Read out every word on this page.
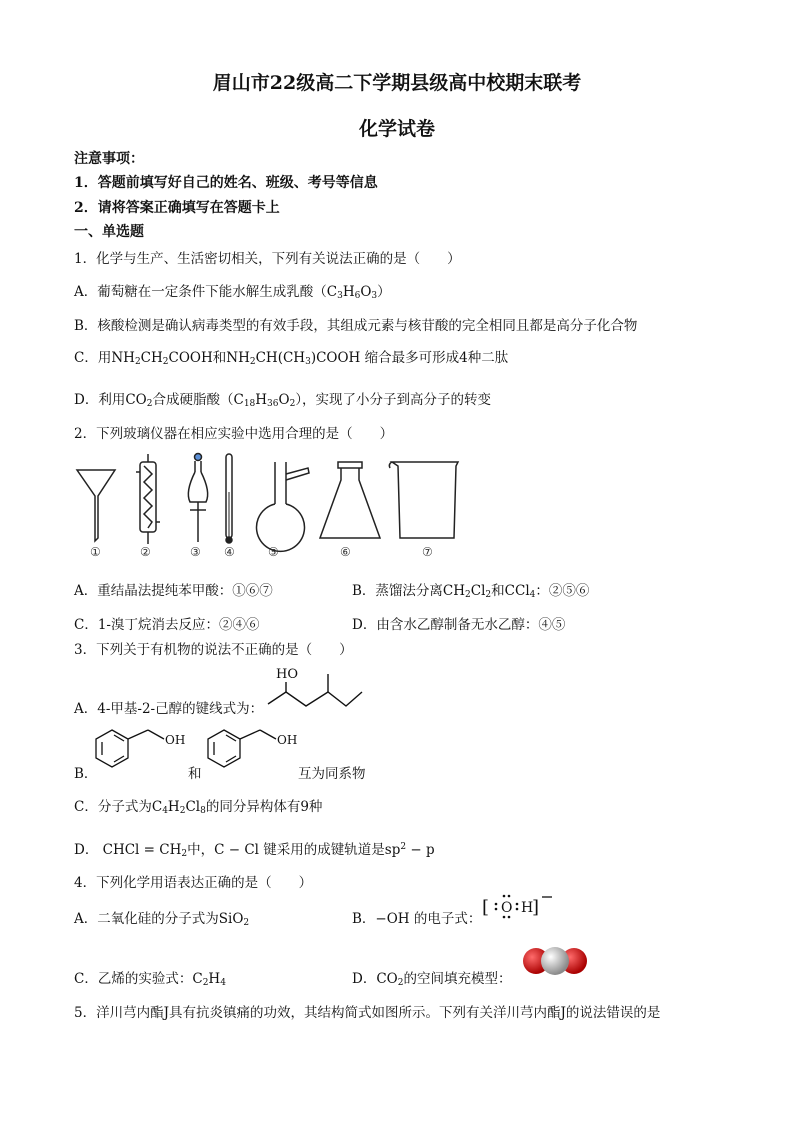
眉山市22级高二下学期县级高中校期末联考
化学试卷
注意事项：
1．答题前填写好自己的姓名、班级、考号等信息
2．请将答案正确填写在答题卡上
一、单选题
1．化学与生产、生活密切相关，下列有关说法正确的是（　　）
A．葡萄糖在一定条件下能水解生成乳酸$(C_3H_6O_3)$
B．核酸检测是确认病毒类型的有效手段，其组成元素与核苷酸的完全相同且都是高分子化合物
C．用$NH_2CH_2COOH$和$NH_2CH(CH_3)COOH$ 缩合最多可形成4种二肽
D．利用$CO_2$合成硬脂酸$(C_{18}H_{36}O_2)$，实现了小分子到高分子的转变
2．下列玻璃仪器在相应实验中选用合理的是（　　）
①	②	③ ④	⑤	⑥	⑦
A．重结晶法提纯苯甲酸：①⑥⑦	B．蒸馏法分离$CH_2Cl_2$和CCl$_4$：②⑤⑥
C．1-溴丁烷消去反应：②④⑥	D．由含水乙醇制备无水乙醇：④⑤
3．下列关于有机物的说法不正确的是（　　）
A．4-甲基-2-己醇的键线式为：
HO
B．
OH
和
OH
互为同系物
C．分子式为$C_4H_2Cl_8$的同分异构体有9种
D． CHCl = $CH_2$中，C − Cl 键采用的成键轨道是$sp^2 - p$
4．下列化学用语表达正确的是（　　）
A．二氧化硅的分子式为SiO$_2$	B．−OH 的电子式：
[ O H
]
C．乙烯的实验式：$C_2H_4$	D．$CO_2$的空间填充模型：
5．洋川芎内酯J具有抗炎镇痛的功效，其结构简式如图所示。下列有关洋川芎内酯J的说法错误的是
